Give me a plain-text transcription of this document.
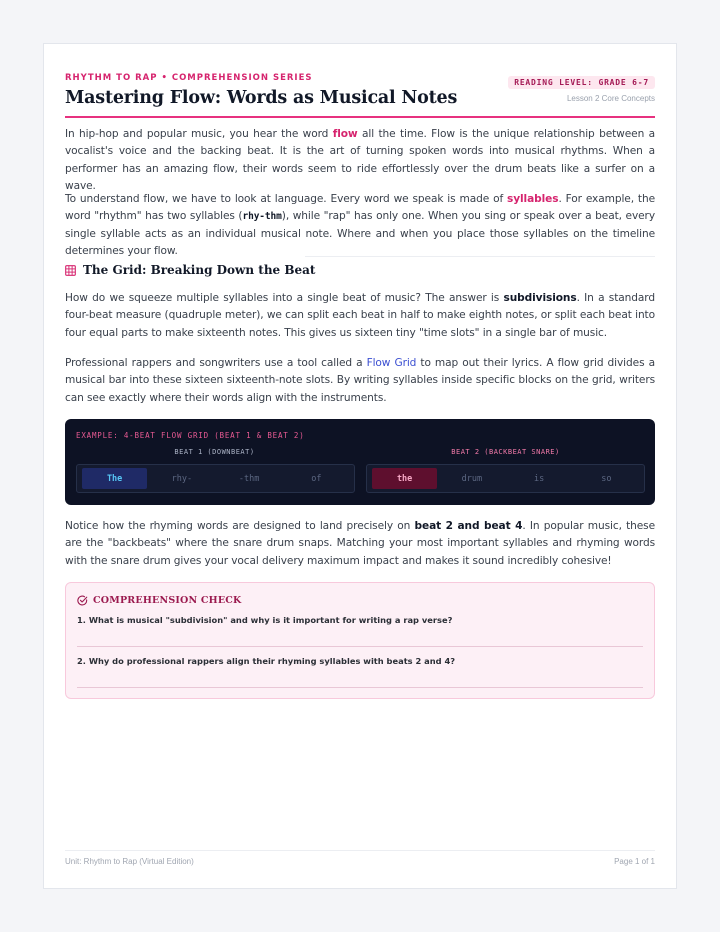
RHYTHM TO RAP • COMPREHENSION SERIES
Mastering Flow: Words as Musical Notes
READING LEVEL: GRADE 6-7
Lesson 2 Core Concepts

In hip-hop and popular music, you hear the word flow all the time. Flow is the unique relationship between a vocalist's voice and the backing beat. It is the art of turning spoken words into musical rhythms. When a performer has an amazing flow, their words seem to ride effortlessly over the drum beats like a surfer on a wave.

To understand flow, we have to look at language. Every word we speak is made of syllables. For example, the word "rhythm" has two syllables (rhy-thm), while "rap" has only one. When you sing or speak over a beat, every single syllable acts as an individual musical note. Where and when you place those syllables on the timeline determines your flow.

The Grid: Breaking Down the Beat

How do we squeeze multiple syllables into a single beat of music? The answer is subdivisions. In a standard four-beat measure (quadruple meter), we can split each beat in half to make eighth notes, or split each beat into four equal parts to make sixteenth notes. This gives us sixteen tiny "time slots" in a single bar of music.

Professional rappers and songwriters use a tool called a Flow Grid to map out their lyrics. A flow grid divides a musical bar into these sixteen sixteenth-note slots. By writing syllables inside specific blocks on the grid, writers can see exactly where their words align with the instruments.

EXAMPLE: 4-BEAT FLOW GRID (BEAT 1 & BEAT 2)
BEAT 1 (DOWNBEAT)	BEAT 2 (BACKBEAT SNARE)
The	rhy-	-thm	of	the	drum	is	so

Notice how the rhyming words are designed to land precisely on beat 2 and beat 4. In popular music, these are the "backbeats" where the snare drum snaps. Matching your most important syllables and rhyming words with the snare drum gives your vocal delivery maximum impact and makes it sound incredibly cohesive!

COMPREHENSION CHECK
1. What is musical "subdivision" and why is it important for writing a rap verse?
2. Why do professional rappers align their rhyming syllables with beats 2 and 4?
Unit: Rhythm to Rap (Virtual Edition)	Page 1 of 1
